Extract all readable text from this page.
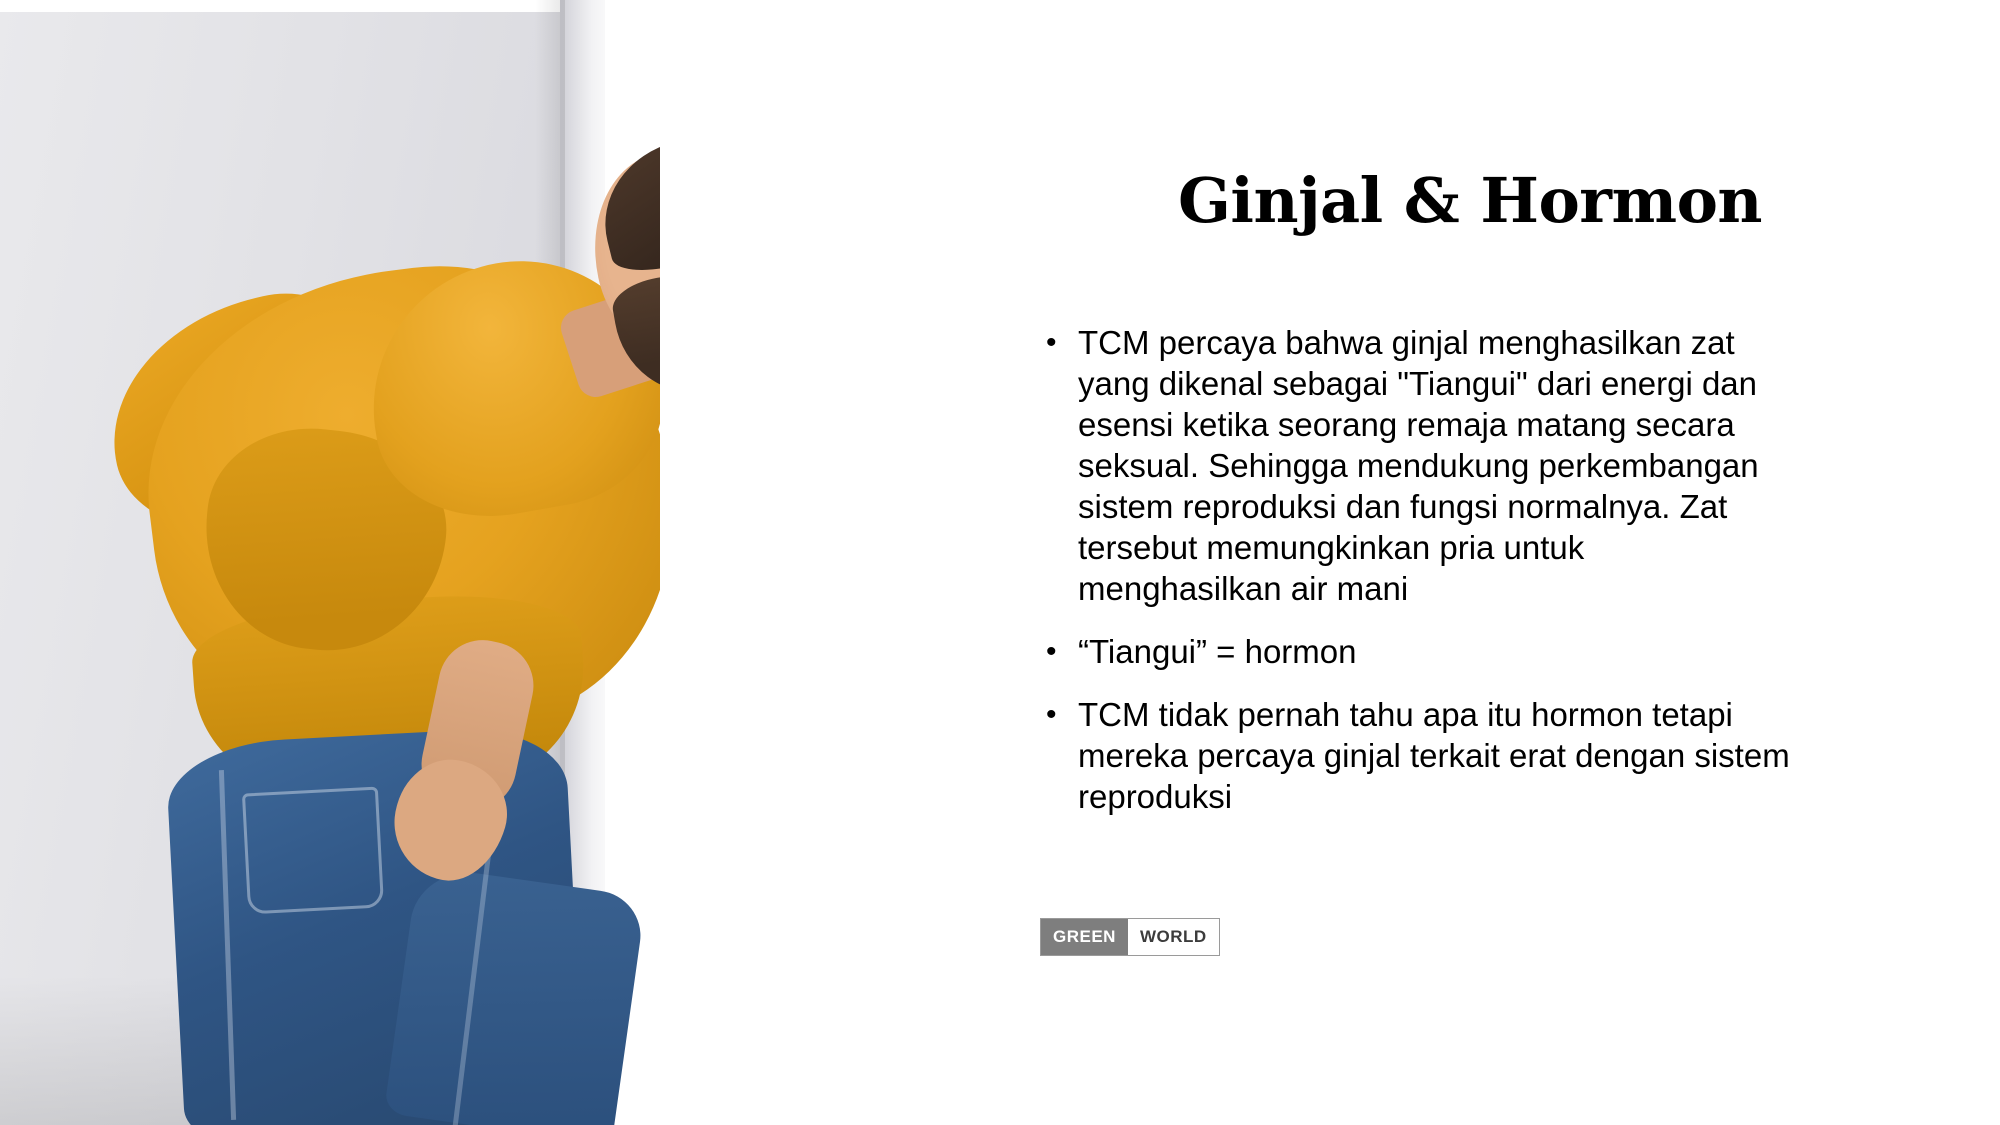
Ginjal & Hormon
• TCM percaya bahwa ginjal menghasilkan zat yang dikenal sebagai "Tiangui" dari energi dan esensi ketika seorang remaja matang secara seksual. Sehingga mendukung perkembangan sistem reproduksi dan fungsi normalnya. Zat tersebut memungkinkan pria untuk menghasilkan air mani
• “Tiangui” = hormon
• TCM tidak pernah tahu apa itu hormon tetapi mereka percaya ginjal terkait erat dengan sistem reproduksi
GREEN	WORLD
